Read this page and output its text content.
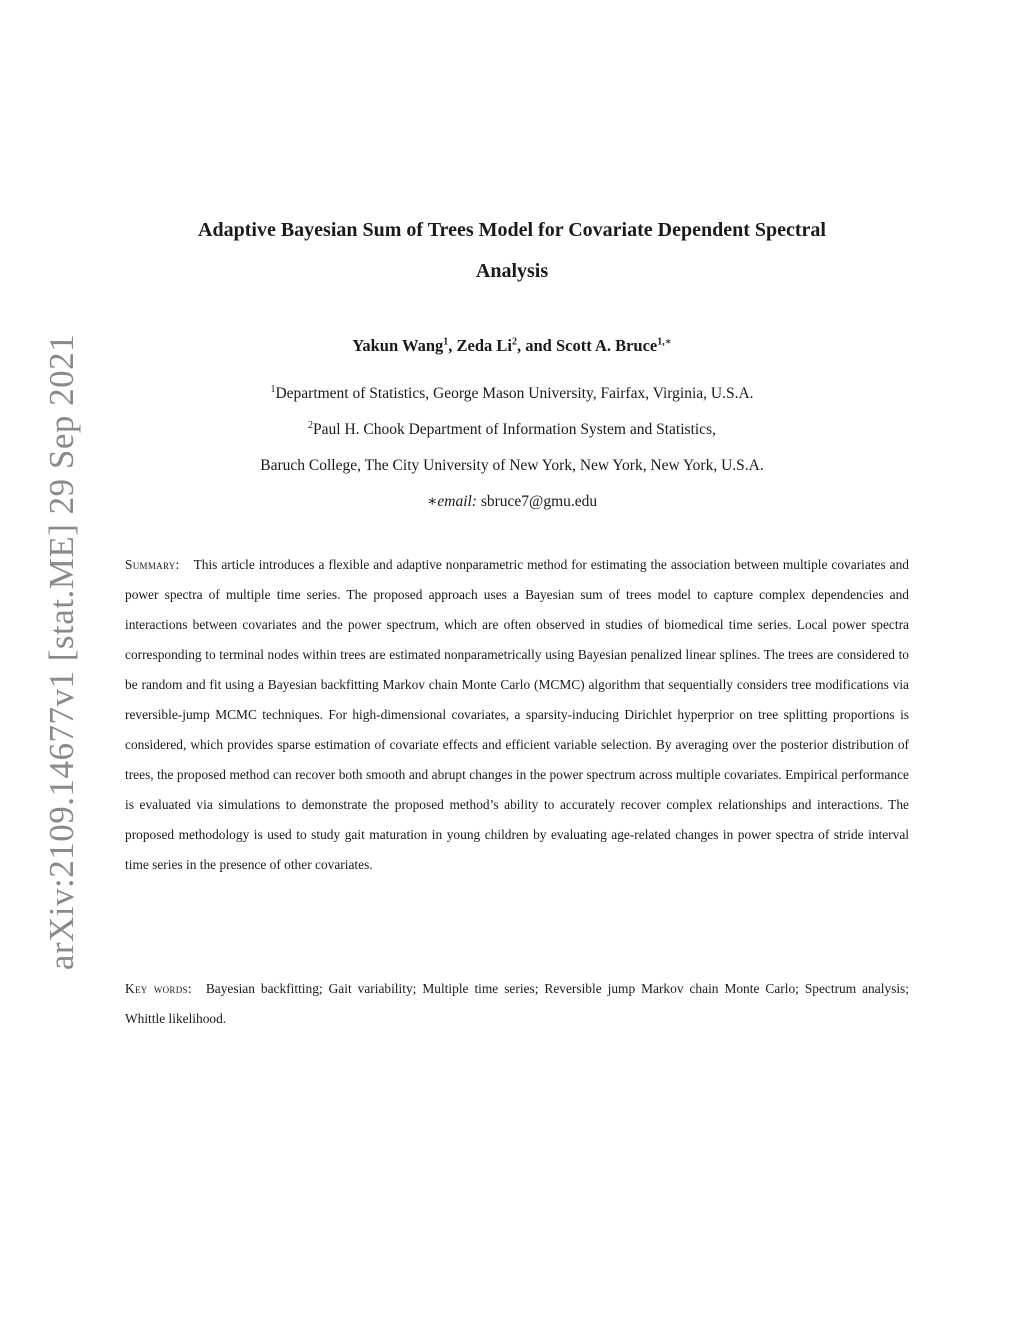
arXiv:2109.14677v1 [stat.ME] 29 Sep 2021
Adaptive Bayesian Sum of Trees Model for Covariate Dependent Spectral
Analysis
Yakun Wang$^1$, Zeda Li$^2$, and Scott A. Bruce$^{1,∗}$
$^1$Department of Statistics, George Mason University, Fairfax, Virginia, U.S.A.
$^2$Paul H. Chook Department of Information System and Statistics,
Baruch College, The City University of New York, New York, New York, U.S.A.
∗email: sbruce7@gmu.edu
Summary: This article introduces a flexible and adaptive nonparametric method for estimating the association between multiple covariates and power spectra of multiple time series. The proposed approach uses a Bayesian sum of trees model to capture complex dependencies and interactions between covariates and the power spectrum, which are often observed in studies of biomedical time series. Local power spectra corresponding to terminal nodes within trees are estimated nonparametrically using Bayesian penalized linear splines. The trees are considered to be random and fit using a Bayesian backfitting Markov chain Monte Carlo (MCMC) algorithm that sequentially considers tree modifications via reversible-jump MCMC techniques. For high-dimensional covariates, a sparsity-inducing Dirichlet hyperprior on tree splitting proportions is considered, which provides sparse estimation of covariate effects and efficient variable selection. By averaging over the posterior distribution of trees, the proposed method can recover both smooth and abrupt changes in the power spectrum across multiple covariates. Empirical performance is evaluated via simulations to demonstrate the proposed method’s ability to accurately recover complex relationships and interactions. The proposed methodology is used to study gait maturation in young children by evaluating age-related changes in power spectra of stride interval time series in the presence of other covariates.
Key words: Bayesian backfitting; Gait variability; Multiple time series; Reversible jump Markov chain Monte Carlo; Spectrum analysis; Whittle likelihood.
